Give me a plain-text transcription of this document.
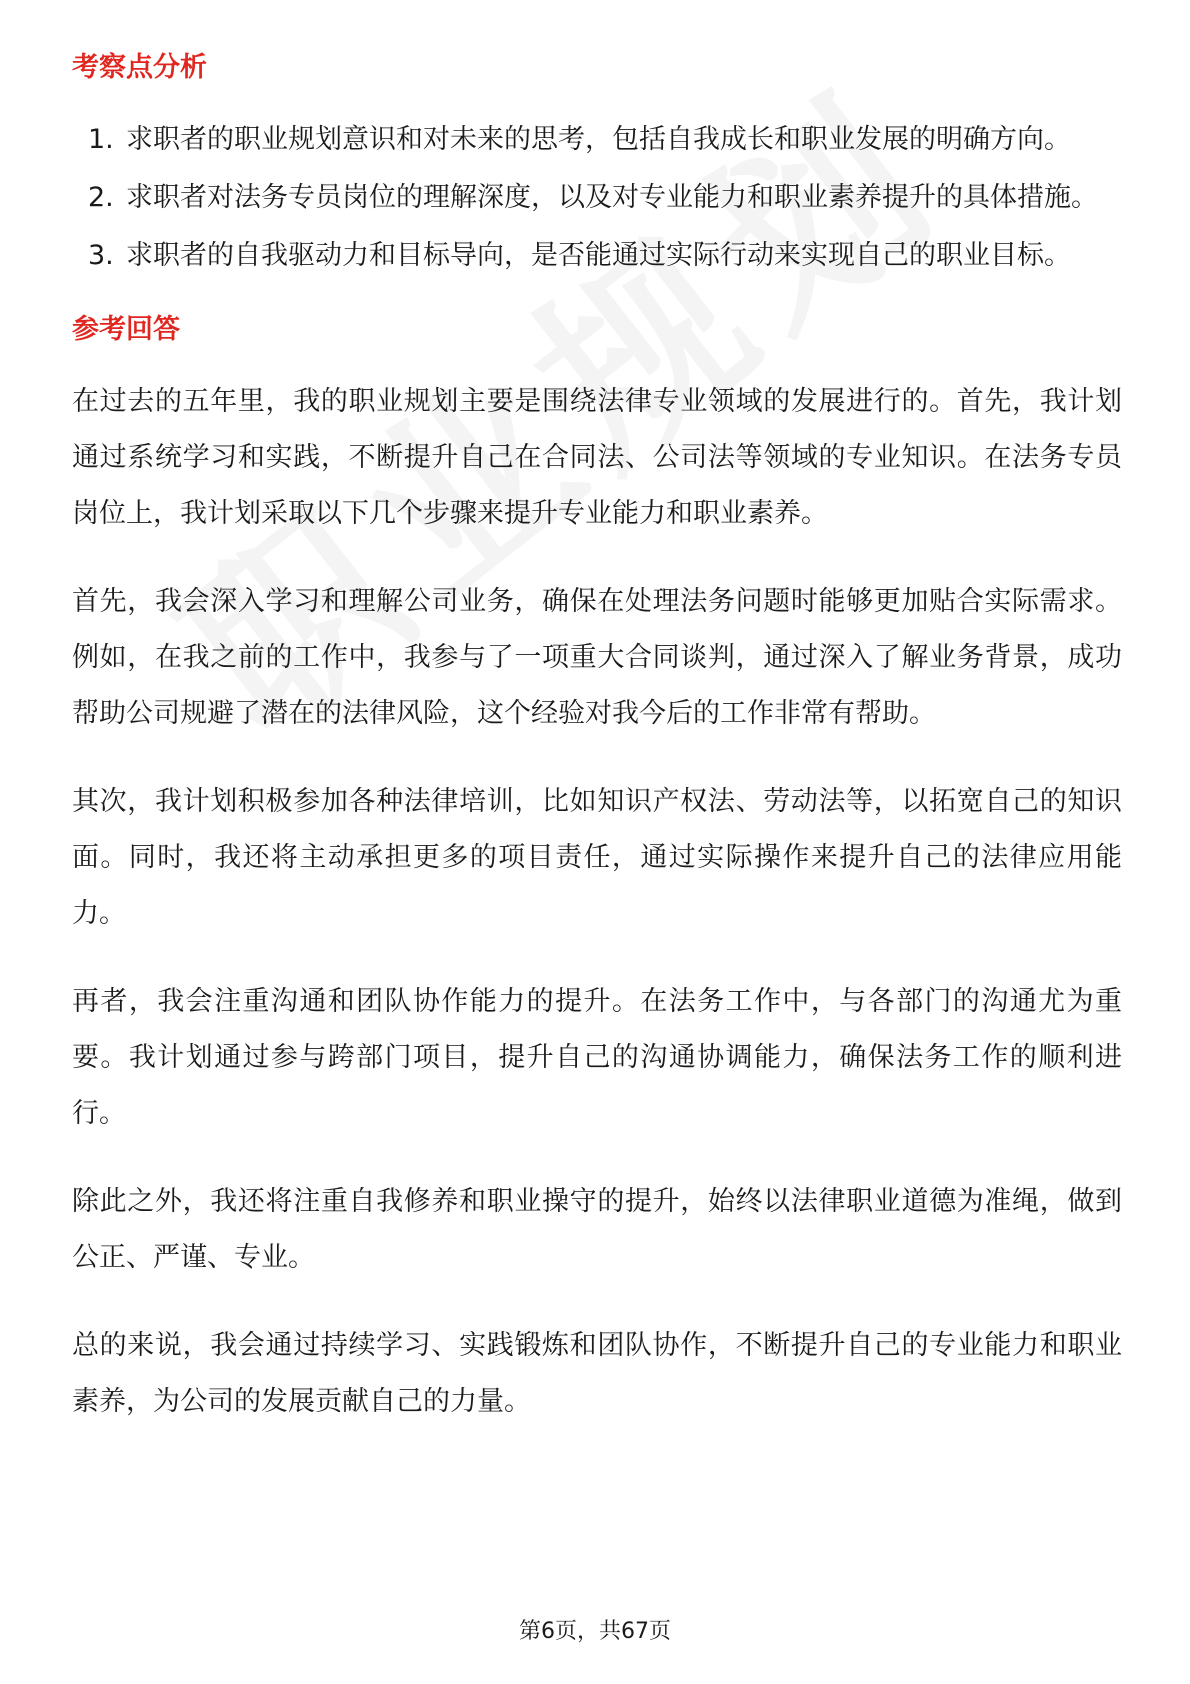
考察点分析
1. 求职者的职业规划意识和对未来的思考，包括自我成长和职业发展的明确方向。
2. 求职者对法务专员岗位的理解深度，以及对专业能力和职业素养提升的具体措施。
3. 求职者的自我驱动力和目标导向，是否能通过实际行动来实现自己的职业目标。
参考回答

在过去的五年里，我的职业规划主要是围绕法律专业领域的发展进行的。首先，我计划通过系统学习和实践，不断提升自己在合同法、公司法等领域的专业知识。在法务专员岗位上，我计划采取以下几个步骤来提升专业能力和职业素养。

首先，我会深入学习和理解公司业务，确保在处理法务问题时能够更加贴合实际需求。例如，在我之前的工作中，我参与了一项重大合同谈判，通过深入了解业务背景，成功帮助公司规避了潜在的法律风险，这个经验对我今后的工作非常有帮助。

其次，我计划积极参加各种法律培训，比如知识产权法、劳动法等，以拓宽自己的知识面。同时，我还将主动承担更多的项目责任，通过实际操作来提升自己的法律应用能力。

再者，我会注重沟通和团队协作能力的提升。在法务工作中，与各部门的沟通尤为重要。我计划通过参与跨部门项目，提升自己的沟通协调能力，确保法务工作的顺利进行。

除此之外，我还将注重自我修养和职业操守的提升，始终以法律职业道德为准绳，做到公正、严谨、专业。

总的来说，我会通过持续学习、实践锻炼和团队协作，不断提升自己的专业能力和职业素养，为公司的发展贡献自己的力量。

第6页，共67页
